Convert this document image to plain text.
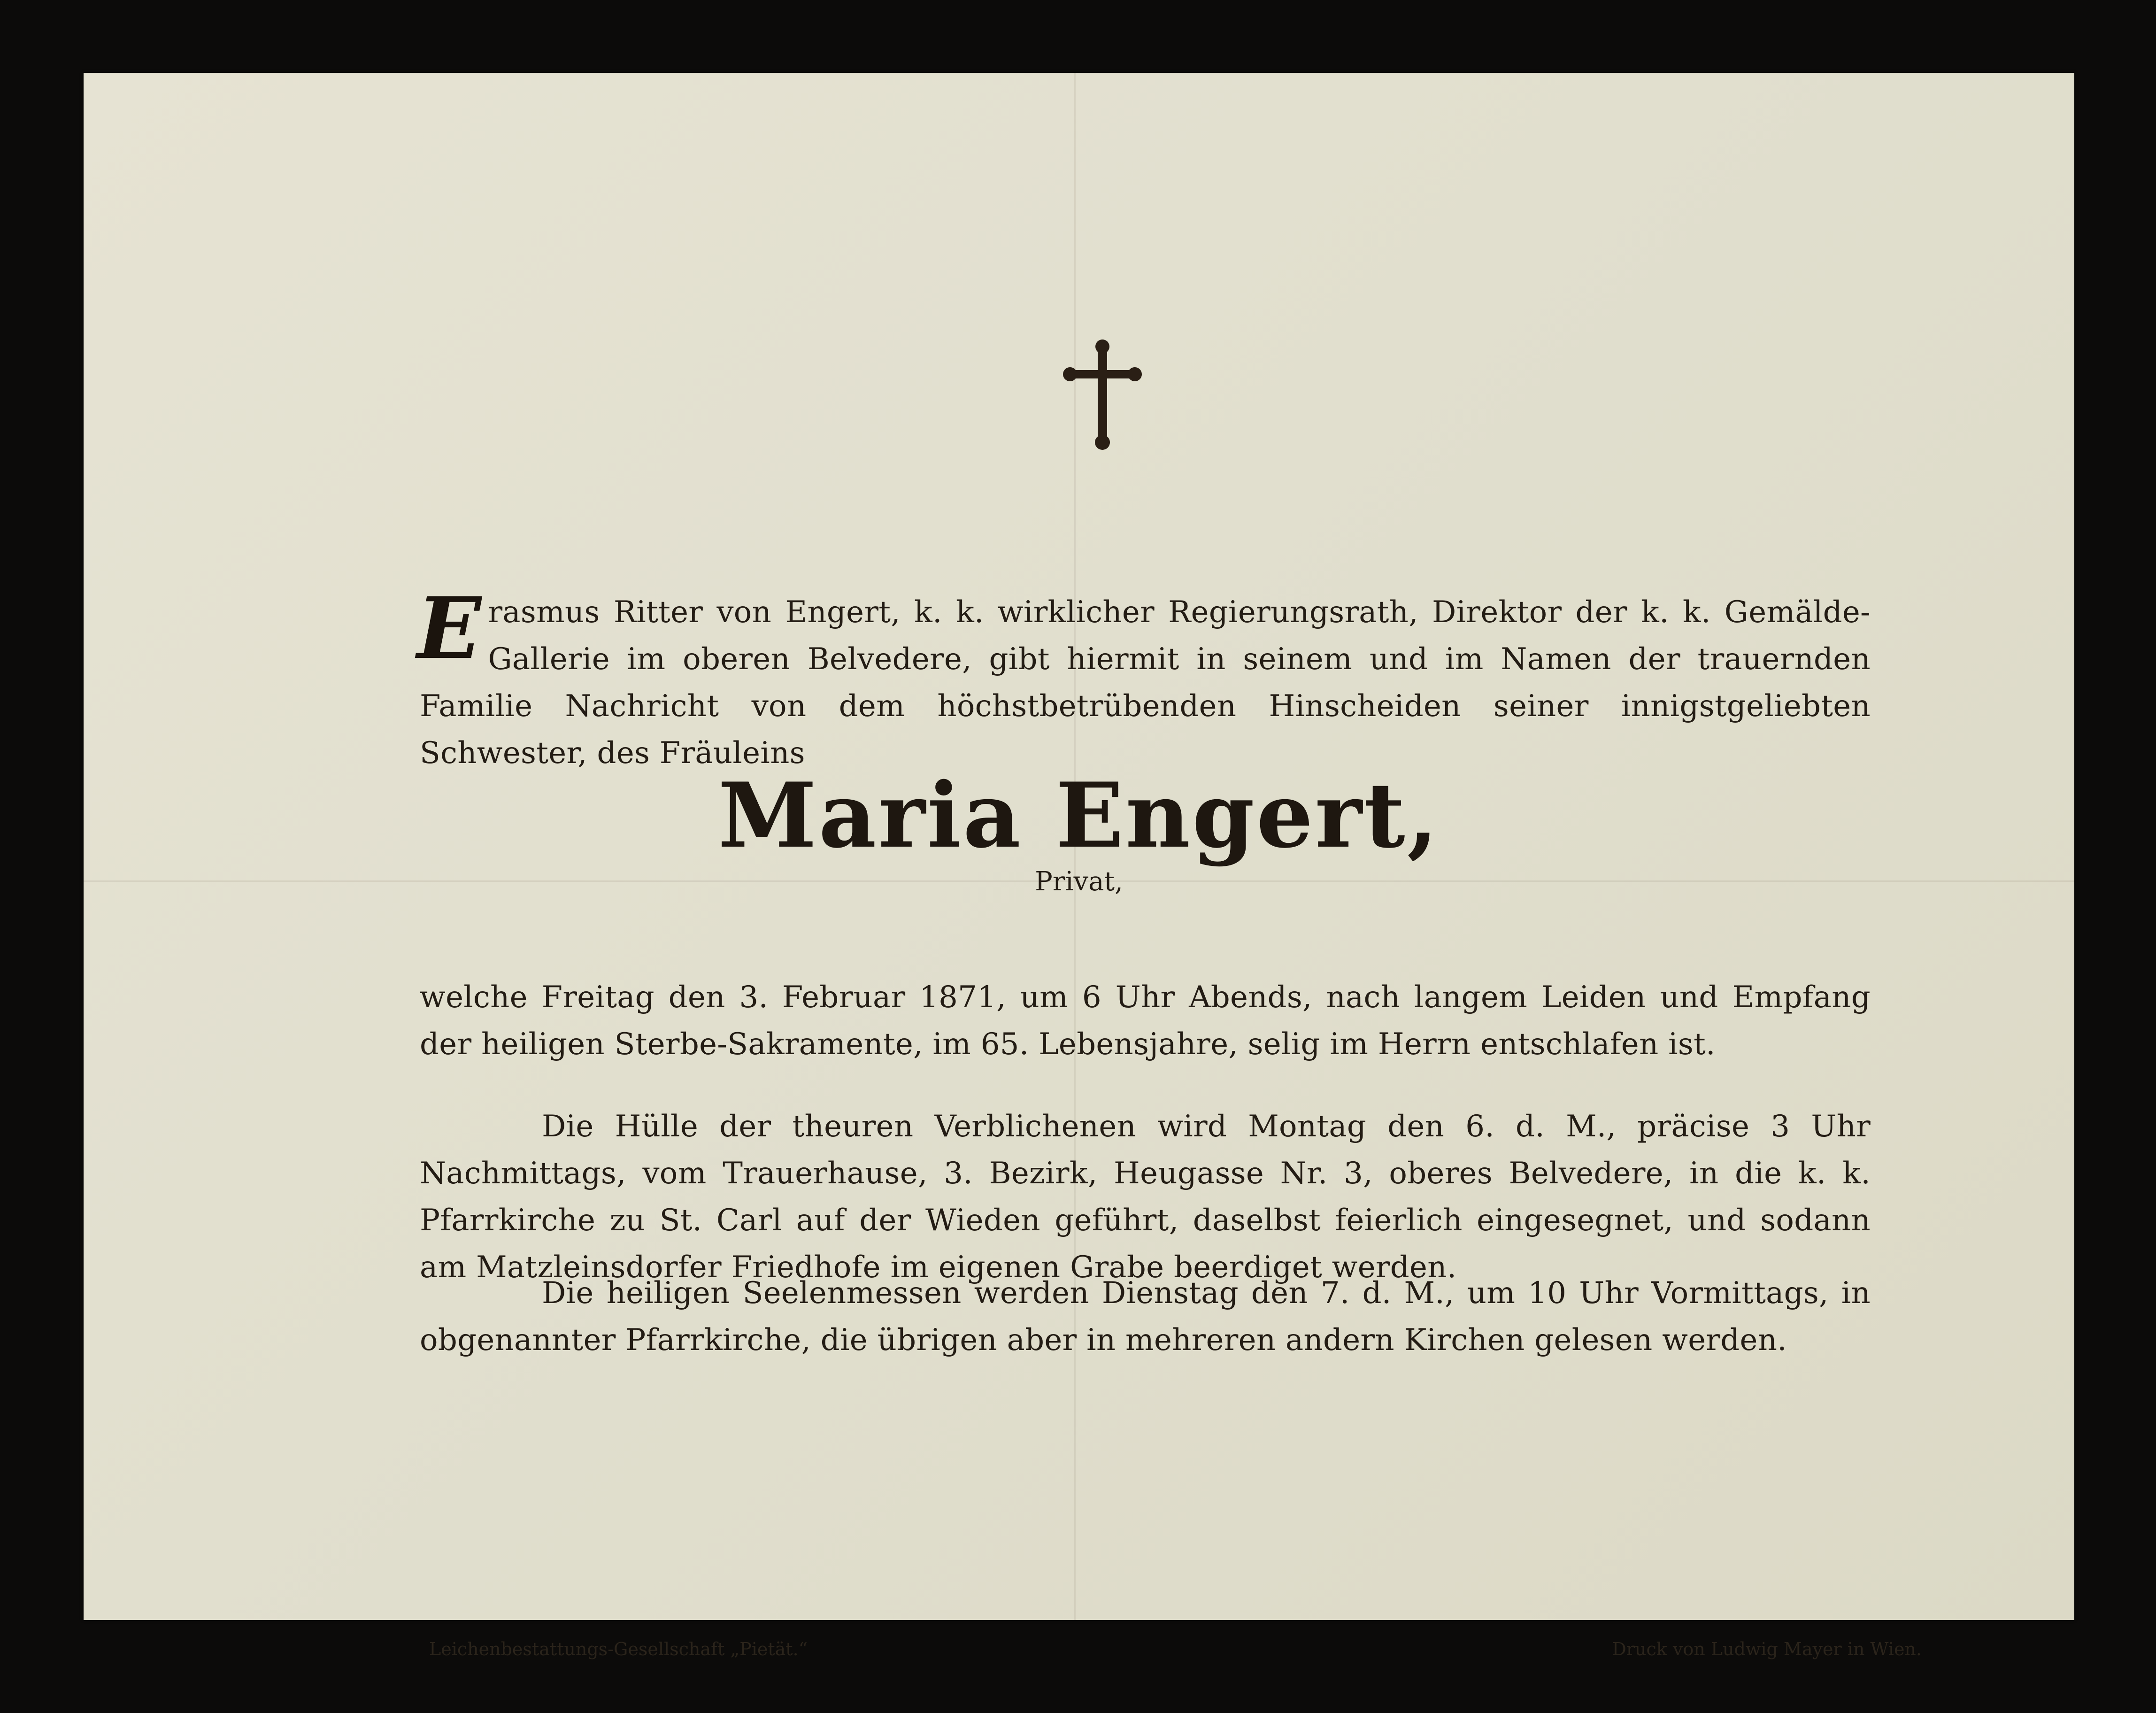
Erasmus Ritter von Engert, k. k. wirklicher Regierungsrath, Direktor der k. k. Gemälde-Gallerie im oberen Belvedere, gibt hiermit in seinem und im Namen der trauernden Familie Nachricht von dem höchstbetrübenden Hinscheiden seiner innigstgeliebten Schwester, des Fräuleins

Maria Engert,
Privat,

welche Freitag den 3. Februar 1871, um 6 Uhr Abends, nach langem Leiden und Empfang der heiligen Sterbe-Sakramente, im 65. Lebensjahre, selig im Herrn entschlafen ist.

Die Hülle der theuren Verblichenen wird Montag den 6. d. M., präcise 3 Uhr Nachmittags, vom Trauerhause, 3. Bezirk, Heugasse Nr. 3, oberes Belvedere, in die k. k. Pfarrkirche zu St. Carl auf der Wieden geführt, daselbst feierlich eingesegnet, und sodann am Matzleinsdorfer Friedhofe im eigenen Grabe beerdiget werden.

Die heiligen Seelenmessen werden Dienstag den 7. d. M., um 10 Uhr Vormittags, in obgenannter Pfarrkirche, die übrigen aber in mehreren andern Kirchen gelesen werden.

Leichenbestattungs-Gesellschaft „Pietät.“	Druck von Ludwig Mayer in Wien.
